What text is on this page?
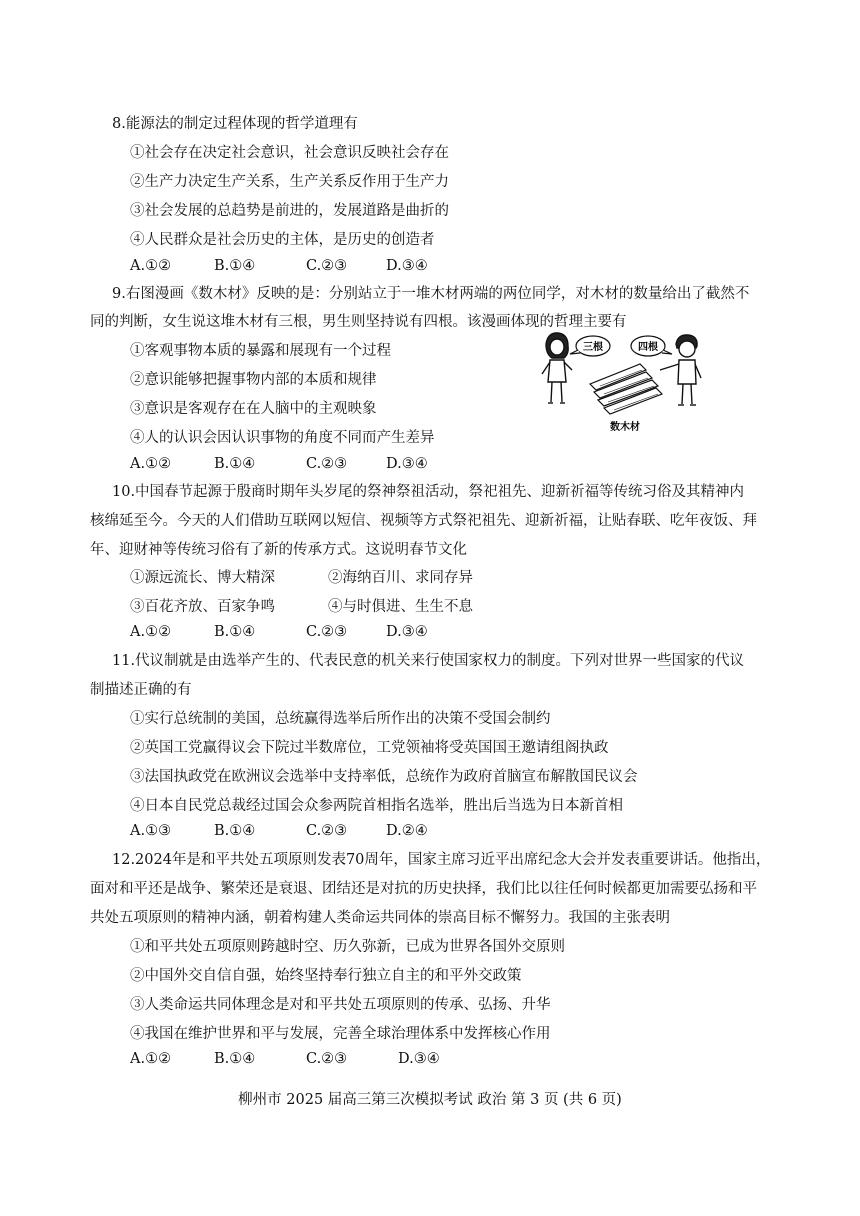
8.能源法的制定过程体现的哲学道理有
①社会存在决定社会意识，社会意识反映社会存在
②生产力决定生产关系，生产关系反作用于生产力
③社会发展的总趋势是前进的，发展道路是曲折的
④人民群众是社会历史的主体，是历史的创造者
A.①②	B.①④	C.②③	D.③④
9.右图漫画《数木材》反映的是：分别站立于一堆木材两端的两位同学，对木材的数量给出了截然不
同的判断，女生说这堆木材有三根，男生则坚持说有四根。该漫画体现的哲理主要有
①客观事物本质的暴露和展现有一个过程
②意识能够把握事物内部的本质和规律
③意识是客观存在在人脑中的主观映象
④人的认识会因认识事物的角度不同而产生差异
A.①②	B.①④	C.②③	D.③④
三根	四根
数木材
10.中国春节起源于殷商时期年头岁尾的祭神祭祖活动，祭祀祖先、迎新祈福等传统习俗及其精神内
核绵延至今。今天的人们借助互联网以短信、视频等方式祭祀祖先、迎新祈福，让贴春联、吃年夜饭、拜
年、迎财神等传统习俗有了新的传承方式。这说明春节文化
①源远流长、博大精深	②海纳百川、求同存异
③百花齐放、百家争鸣	④与时俱进、生生不息
A.①②	B.①④	C.②③	D.③④
11.代议制就是由选举产生的、代表民意的机关来行使国家权力的制度。下列对世界一些国家的代议
制描述正确的有
①实行总统制的美国，总统赢得选举后所作出的决策不受国会制约
②英国工党赢得议会下院过半数席位，工党领袖将受英国国王邀请组阁执政
③法国执政党在欧洲议会选举中支持率低，总统作为政府首脑宣布解散国民议会
④日本自民党总裁经过国会众参两院首相指名选举，胜出后当选为日本新首相
A.①③	B.①④	C.②③	D.②④
12.2024年是和平共处五项原则发表70周年，国家主席习近平出席纪念大会并发表重要讲话。他指出，
面对和平还是战争、繁荣还是衰退、团结还是对抗的历史抉择，我们比以往任何时候都更加需要弘扬和平
共处五项原则的精神内涵，朝着构建人类命运共同体的崇高目标不懈努力。我国的主张表明
①和平共处五项原则跨越时空、历久弥新，已成为世界各国外交原则
②中国外交自信自强，始终坚持奉行独立自主的和平外交政策
③人类命运共同体理念是对和平共处五项原则的传承、弘扬、升华
④我国在维护世界和平与发展，完善全球治理体系中发挥核心作用
A.①②	B.①④	C.②③	D.③④
柳州市 2025 届高三第三次模拟考试 政治 第 3 页 (共 6 页)
